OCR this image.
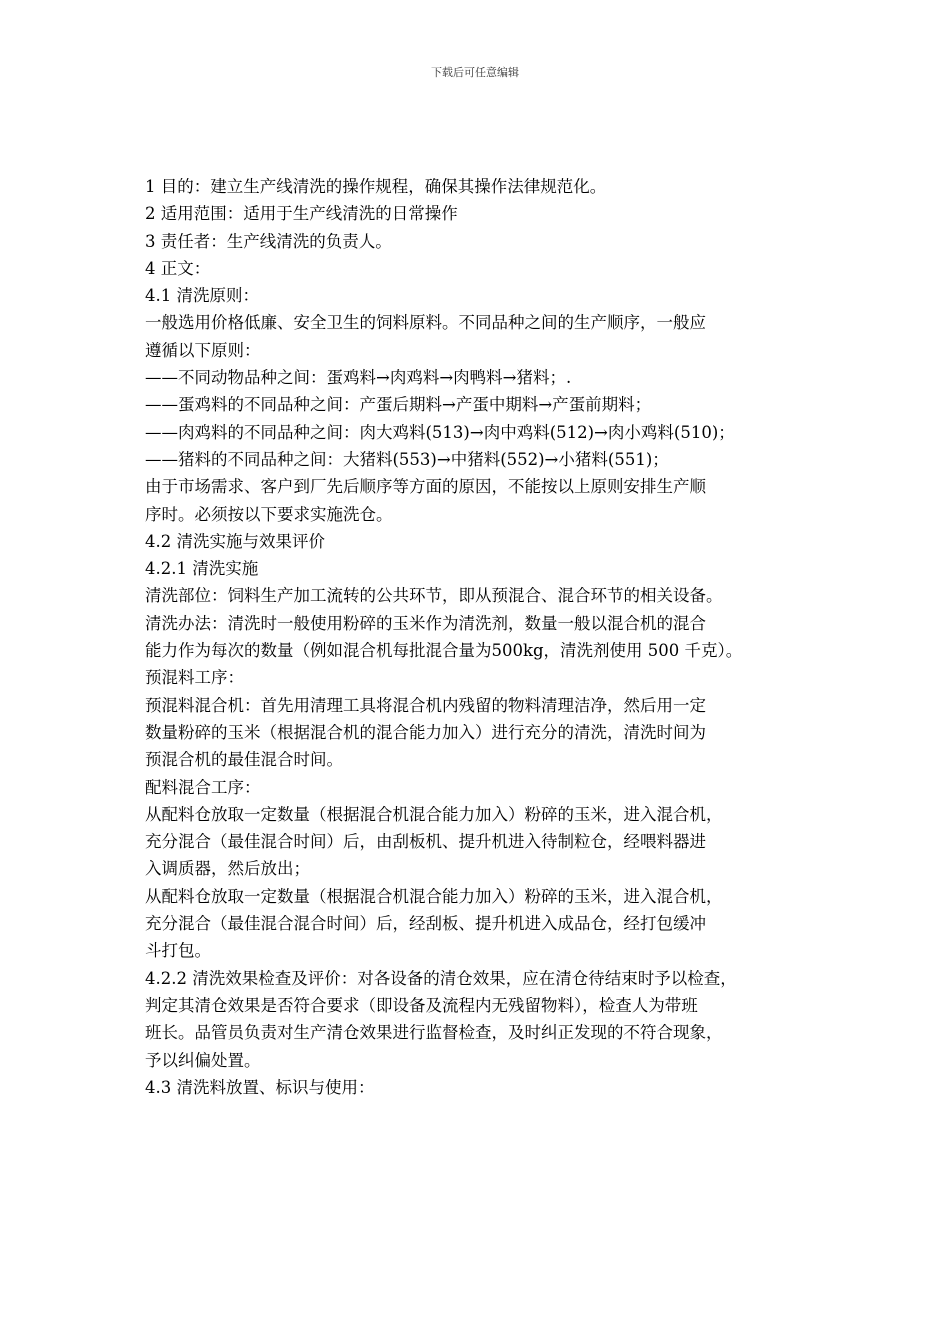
下载后可任意编辑
1 目的：建立生产线清洗的操作规程，确保其操作法律规范化。
2 适用范围：适用于生产线清洗的日常操作
3 责任者：生产线清洗的负责人。
4 正文：
4.1 清洗原则：
一般选用价格低廉、安全卫生的饲料原料。不同品种之间的生产顺序，一般应
遵循以下原则：
——不同动物品种之间：蛋鸡料→肉鸡料→肉鸭料→猪料；.
——蛋鸡料的不同品种之间：产蛋后期料→产蛋中期料→产蛋前期料；
——肉鸡料的不同品种之间：肉大鸡料(513)→肉中鸡料(512)→肉小鸡料(510)；
——猪料的不同品种之间：大猪料(553)→中猪料(552)→小猪料(551)；
由于市场需求、客户到厂先后顺序等方面的原因，不能按以上原则安排生产顺
序时。必须按以下要求实施洗仓。
4.2 清洗实施与效果评价
4.2.1 清洗实施
清洗部位：饲料生产加工流转的公共环节，即从预混合、混合环节的相关设备。
清洗办法：清洗时一般使用粉碎的玉米作为清洗剂，数量一般以混合机的混合
能力作为每次的数量（例如混合机每批混合量为500kg，清洗剂使用 500 千克）。
预混料工序：
预混料混合机：首先用清理工具将混合机内残留的物料清理洁净，然后用一定
数量粉碎的玉米（根据混合机的混合能力加入）进行充分的清洗，清洗时间为
预混合机的最佳混合时间。
配料混合工序：
从配料仓放取一定数量（根据混合机混合能力加入）粉碎的玉米，进入混合机，
充分混合（最佳混合时间）后，由刮板机、提升机进入待制粒仓，经喂料器进
入调质器，然后放出；
从配料仓放取一定数量（根据混合机混合能力加入）粉碎的玉米，进入混合机，
充分混合（最佳混合混合时间）后，经刮板、提升机进入成品仓，经打包缓冲
斗打包。
4.2.2 清洗效果检查及评价：对各设备的清仓效果，应在清仓待结束时予以检查，
判定其清仓效果是否符合要求（即设备及流程内无残留物料），检查人为带班
班长。品管员负责对生产清仓效果进行监督检查，及时纠正发现的不符合现象，
予以纠偏处置。
4.3 清洗料放置、标识与使用：
